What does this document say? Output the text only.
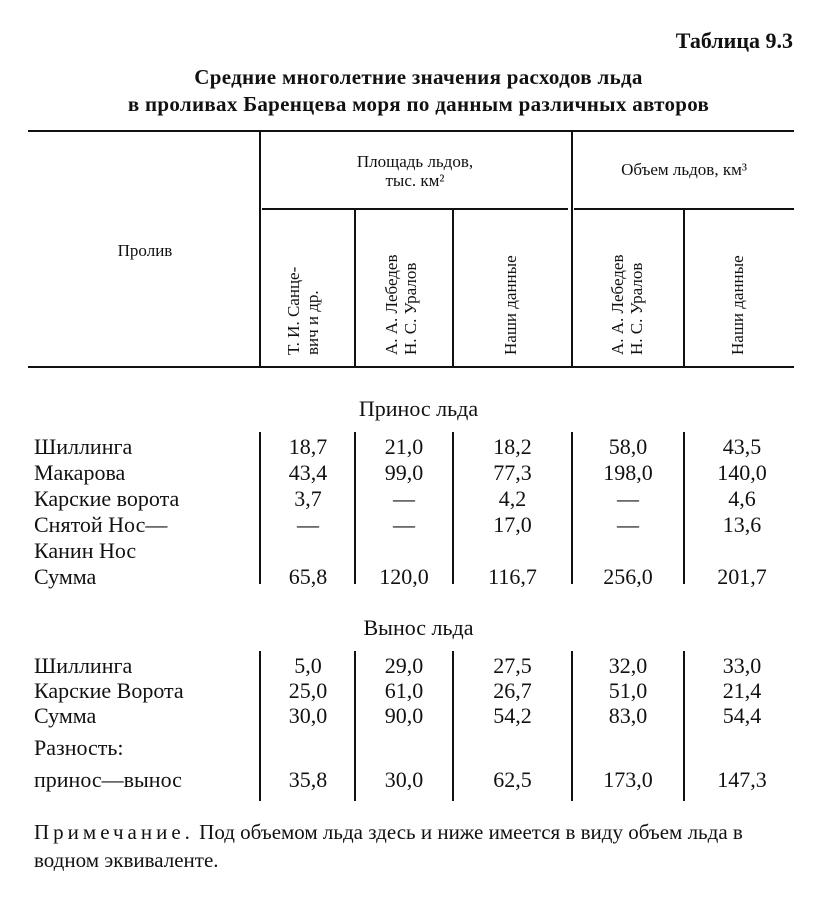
Таблица 9.3
Средние многолетние значения расходов льда
в проливах Баренцева моря по данным различных авторов
Пролив
Площадь льдов,
тыс. км²
Объем льдов, км³
Т. И. Санце- вич и др.	А. А. Лебедев Н. С. Уралов	Наши данные	А. А. Лебедев Н. С. Уралов	Наши данные
Принос льда
Шиллинга	18,7	21,0	18,2	58,0	43,5
Макарова	43,4	99,0	77,3	198,0	140,0
Карские ворота	3,7	—	4,2	—	4,6
Снятой Нос—	—	—	17,0	—	13,6
Канин Нос
Сумма	65,8	120,0	116,7	256,0	201,7
Вынос льда
Шиллинга	5,0	29,0	27,5	32,0	33,0
Карские Ворота	25,0	61,0	26,7	51,0	21,4
Сумма	30,0	90,0	54,2	83,0	54,4
Разность:
принос—вынос	35,8	30,0	62,5	173,0	147,3
Примечание. Под объемом льда здесь и ниже имеется в виду объем льда в водном эквиваленте.
